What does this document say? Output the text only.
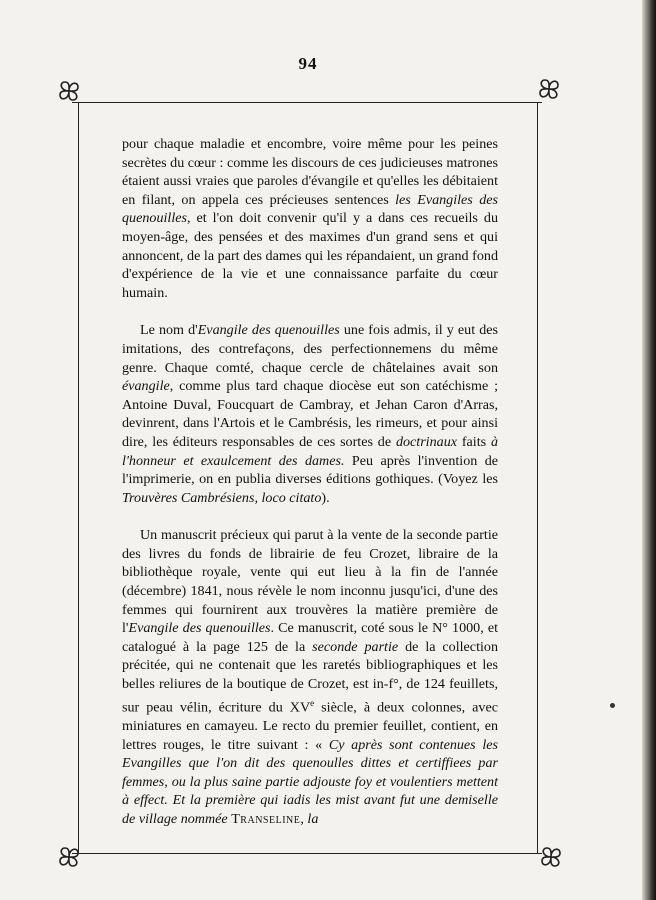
94

pour chaque maladie et encombre, voire même pour les peines secrètes du cœur : comme les discours de ces judicieuses matrones étaient aussi vraies que paroles d'évangile et qu'elles les débitaient en filant, on appela ces précieuses sentences les Evangiles des quenouilles, et l'on doit convenir qu'il y a dans ces recueils du moyen-âge, des pensées et des maximes d'un grand sens et qui annoncent, de la part des dames qui les répandaient, un grand fond d'expérience de la vie et une connaissance parfaite du cœur humain.

Le nom d'Evangile des quenouilles une fois admis, il y eut des imitations, des contrefaçons, des perfectionnemens du même genre. Chaque comté, chaque cercle de châtelaines avait son évangile, comme plus tard chaque diocèse eut son catéchisme ; Antoine Duval, Foucquart de Cambray, et Jehan Caron d'Arras, devinrent, dans l'Artois et le Cambrésis, les rimeurs, et pour ainsi dire, les éditeurs responsables de ces sortes de doctrinaux faits à l'honneur et exaulcement des dames. Peu après l'invention de l'imprimerie, on en publia diverses éditions gothiques. (Voyez les Trouvères Cambrésiens, loco citato).

Un manuscrit précieux qui parut à la vente de la seconde partie des livres du fonds de librairie de feu Crozet, libraire de la bibliothèque royale, vente qui eut lieu à la fin de l'année (décembre) 1841, nous révèle le nom inconnu jusqu'ici, d'une des femmes qui fournirent aux trouvères la matière première de l'Evangile des quenouilles. Ce manuscrit, coté sous le N° 1000, et catalogué à la page 125 de la seconde partie de la collection précitée, qui ne contenait que les raretés bibliographiques et les belles reliures de la boutique de Crozet, est in-f°, de 124 feuillets, sur peau vélin, écriture du XVe siècle, à deux colonnes, avec miniatures en camayeu. Le recto du premier feuillet, contient, en lettres rouges, le titre suivant : « Cy après sont contenues les Evangilles que l'on dit des quenoulles dittes et certiffiees par femmes, ou la plus saine partie adjouste foy et voulentiers mettent à effect. Et la première qui iadis les mist avant fut une demiselle de village nommée Transeline, la
